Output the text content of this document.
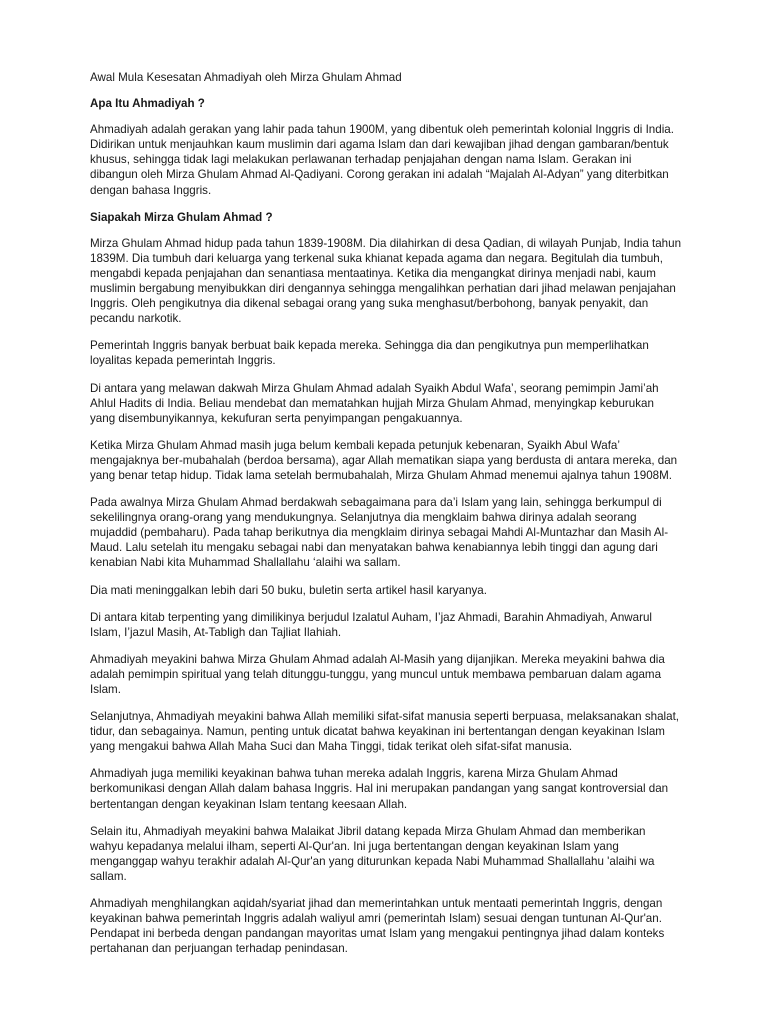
Awal Mula Kesesatan Ahmadiyah oleh Mirza Ghulam Ahmad

Apa Itu Ahmadiyah ?

Ahmadiyah adalah gerakan yang lahir pada tahun 1900M, yang dibentuk oleh pemerintah kolonial Inggris di India. Didirikan untuk menjauhkan kaum muslimin dari agama Islam dan dari kewajiban jihad dengan gambaran/bentuk khusus, sehingga tidak lagi melakukan perlawanan terhadap penjajahan dengan nama Islam. Gerakan ini dibangun oleh Mirza Ghulam Ahmad Al-Qadiyani. Corong gerakan ini adalah “Majalah Al-Adyan” yang diterbitkan dengan bahasa Inggris.

Siapakah Mirza Ghulam Ahmad ?

Mirza Ghulam Ahmad hidup pada tahun 1839-1908M. Dia dilahirkan di desa Qadian, di wilayah Punjab, India tahun 1839M. Dia tumbuh dari keluarga yang terkenal suka khianat kepada agama dan negara. Begitulah dia tumbuh, mengabdi kepada penjajahan dan senantiasa mentaatinya. Ketika dia mengangkat dirinya menjadi nabi, kaum muslimin bergabung menyibukkan diri dengannya sehingga mengalihkan perhatian dari jihad melawan penjajahan Inggris. Oleh pengikutnya dia dikenal sebagai orang yang suka menghasut/berbohong, banyak penyakit, dan pecandu narkotik.

Pemerintah Inggris banyak berbuat baik kepada mereka. Sehingga dia dan pengikutnya pun memperlihatkan loyalitas kepada pemerintah Inggris.

Di antara yang melawan dakwah Mirza Ghulam Ahmad adalah Syaikh Abdul Wafa’, seorang pemimpin Jami’ah Ahlul Hadits di India. Beliau mendebat dan mematahkan hujjah Mirza Ghulam Ahmad, menyingkap keburukan yang disembunyikannya, kekufuran serta penyimpangan pengakuannya.

Ketika Mirza Ghulam Ahmad masih juga belum kembali kepada petunjuk kebenaran, Syaikh Abul Wafa’ mengajaknya ber-mubahalah (berdoa bersama), agar Allah mematikan siapa yang berdusta di antara mereka, dan yang benar tetap hidup. Tidak lama setelah bermubahalah, Mirza Ghulam Ahmad menemui ajalnya tahun 1908M.

Pada awalnya Mirza Ghulam Ahmad berdakwah sebagaimana para da’i Islam yang lain, sehingga berkumpul di sekelilingnya orang-orang yang mendukungnya. Selanjutnya dia mengklaim bahwa dirinya adalah seorang mujaddid (pembaharu). Pada tahap berikutnya dia mengklaim dirinya sebagai Mahdi Al-Muntazhar dan Masih Al-Maud. Lalu setelah itu mengaku sebagai nabi dan menyatakan bahwa kenabiannya lebih tinggi dan agung dari kenabian Nabi kita Muhammad Shallallahu ‘alaihi wa sallam.

Dia mati meninggalkan lebih dari 50 buku, buletin serta artikel hasil karyanya.

Di antara kitab terpenting yang dimilikinya berjudul Izalatul Auham, I’jaz Ahmadi, Barahin Ahmadiyah, Anwarul Islam, I’jazul Masih, At-Tabligh dan Tajliat Ilahiah.

Ahmadiyah meyakini bahwa Mirza Ghulam Ahmad adalah Al-Masih yang dijanjikan. Mereka meyakini bahwa dia adalah pemimpin spiritual yang telah ditunggu-tunggu, yang muncul untuk membawa pembaruan dalam agama Islam.

Selanjutnya, Ahmadiyah meyakini bahwa Allah memiliki sifat-sifat manusia seperti berpuasa, melaksanakan shalat, tidur, dan sebagainya. Namun, penting untuk dicatat bahwa keyakinan ini bertentangan dengan keyakinan Islam yang mengakui bahwa Allah Maha Suci dan Maha Tinggi, tidak terikat oleh sifat-sifat manusia.

Ahmadiyah juga memiliki keyakinan bahwa tuhan mereka adalah Inggris, karena Mirza Ghulam Ahmad berkomunikasi dengan Allah dalam bahasa Inggris. Hal ini merupakan pandangan yang sangat kontroversial dan bertentangan dengan keyakinan Islam tentang keesaan Allah.

Selain itu, Ahmadiyah meyakini bahwa Malaikat Jibril datang kepada Mirza Ghulam Ahmad dan memberikan wahyu kepadanya melalui ilham, seperti Al-Qur'an. Ini juga bertentangan dengan keyakinan Islam yang menganggap wahyu terakhir adalah Al-Qur'an yang diturunkan kepada Nabi Muhammad Shallallahu 'alaihi wa sallam.

Ahmadiyah menghilangkan aqidah/syariat jihad dan memerintahkan untuk mentaati pemerintah Inggris, dengan keyakinan bahwa pemerintah Inggris adalah waliyul amri (pemerintah Islam) sesuai dengan tuntunan Al-Qur'an. Pendapat ini berbeda dengan pandangan mayoritas umat Islam yang mengakui pentingnya jihad dalam konteks pertahanan dan perjuangan terhadap penindasan.
